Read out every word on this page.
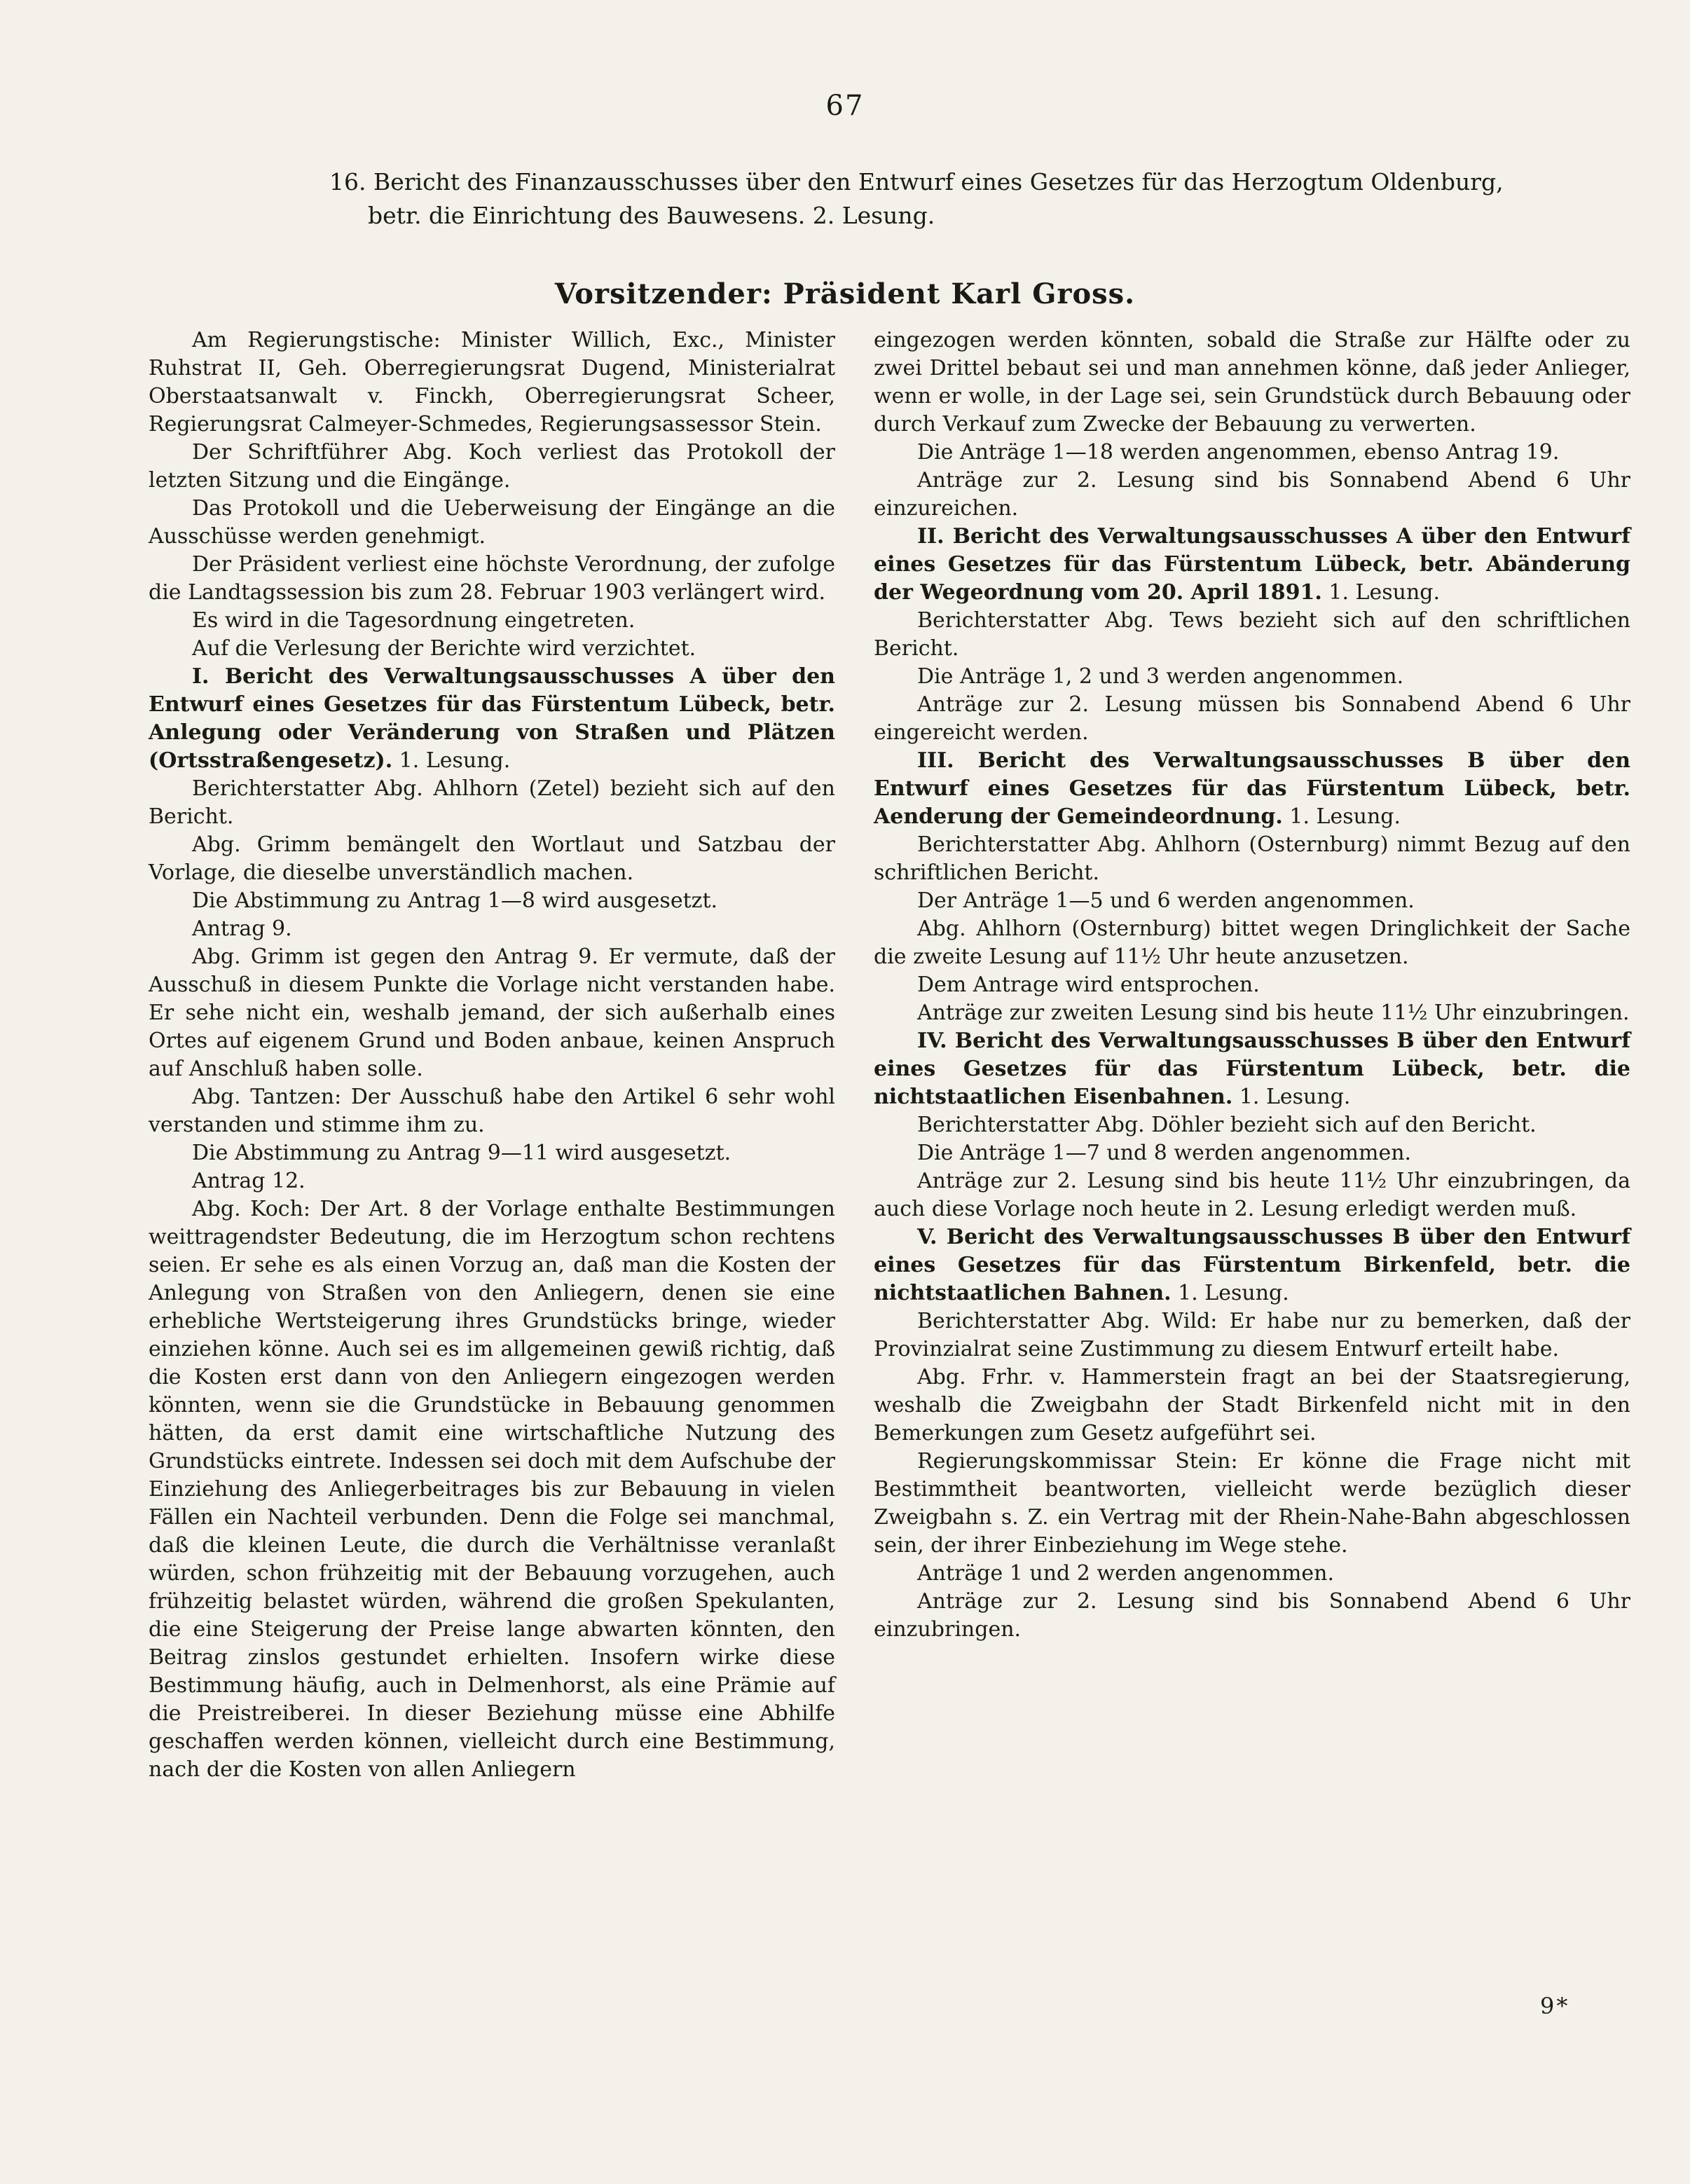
67
16. Bericht des Finanzausschusses über den Entwurf eines Gesetzes für das Herzogtum Oldenburg,
betr. die Einrichtung des Bauwesens. 2. Lesung.
Vorsitzender: Präsident Karl Gross.

Am Regierungstische: Minister Willich, Exc., Minister Ruhstrat II, Geh. Oberregierungsrat Dugend, Ministerialrat Oberstaatsanwalt v. Finckh, Oberregierungsrat Scheer, Regierungsrat Calmeyer-Schmedes, Regierungsassessor Stein.

Der Schriftführer Abg. Koch verliest das Protokoll der letzten Sitzung und die Eingänge.

Das Protokoll und die Ueberweisung der Eingänge an die Ausschüsse werden genehmigt.

Der Präsident verliest eine höchste Verordnung, der zufolge die Landtagssession bis zum 28. Februar 1903 verlängert wird.

Es wird in die Tagesordnung eingetreten.

Auf die Verlesung der Berichte wird verzichtet.

I. Bericht des Verwaltungsausschusses A über den Entwurf eines Gesetzes für das Fürstentum Lübeck, betr. Anlegung oder Veränderung von Straßen und Plätzen (Ortsstraßengesetz). 1. Lesung.

Berichterstatter Abg. Ahlhorn (Zetel) bezieht sich auf den Bericht.

Abg. Grimm bemängelt den Wortlaut und Satzbau der Vorlage, die dieselbe unverständlich machen.

Die Abstimmung zu Antrag 1—8 wird ausgesetzt.

Antrag 9.

Abg. Grimm ist gegen den Antrag 9. Er vermute, daß der Ausschuß in diesem Punkte die Vorlage nicht verstanden habe. Er sehe nicht ein, weshalb jemand, der sich außerhalb eines Ortes auf eigenem Grund und Boden anbaue, keinen Anspruch auf Anschluß haben solle.

Abg. Tantzen: Der Ausschuß habe den Artikel 6 sehr wohl verstanden und stimme ihm zu.

Die Abstimmung zu Antrag 9—11 wird ausgesetzt.

Antrag 12.

Abg. Koch: Der Art. 8 der Vorlage enthalte Bestimmungen weittragendster Bedeutung, die im Herzogtum schon rechtens seien. Er sehe es als einen Vorzug an, daß man die Kosten der Anlegung von Straßen von den Anliegern, denen sie eine erhebliche Wertsteigerung ihres Grundstücks bringe, wieder einziehen könne. Auch sei es im allgemeinen gewiß richtig, daß die Kosten erst dann von den Anliegern eingezogen werden könnten, wenn sie die Grundstücke in Bebauung genommen hätten, da erst damit eine wirtschaftliche Nutzung des Grundstücks eintrete. Indessen sei doch mit dem Aufschube der Einziehung des Anliegerbeitrages bis zur Bebauung in vielen Fällen ein Nachteil verbunden. Denn die Folge sei manchmal, daß die kleinen Leute, die durch die Verhältnisse veranlaßt würden, schon frühzeitig mit der Bebauung vorzugehen, auch frühzeitig belastet würden, während die großen Spekulanten, die eine Steigerung der Preise lange abwarten könnten, den Beitrag zinslos gestundet erhielten. Insofern wirke diese Bestimmung häufig, auch in Delmenhorst, als eine Prämie auf die Preistreiberei. In dieser Beziehung müsse eine Abhilfe geschaffen werden können, vielleicht durch eine Bestimmung, nach der die Kosten von allen Anliegern

eingezogen werden könnten, sobald die Straße zur Hälfte oder zu zwei Drittel bebaut sei und man annehmen könne, daß jeder Anlieger, wenn er wolle, in der Lage sei, sein Grundstück durch Bebauung oder durch Verkauf zum Zwecke der Bebauung zu verwerten.

Die Anträge 1—18 werden angenommen, ebenso Antrag 19.

Anträge zur 2. Lesung sind bis Sonnabend Abend 6 Uhr einzureichen.

II. Bericht des Verwaltungsausschusses A über den Entwurf eines Gesetzes für das Fürstentum Lübeck, betr. Abänderung der Wegeordnung vom 20. April 1891. 1. Lesung.

Berichterstatter Abg. Tews bezieht sich auf den schriftlichen Bericht.

Die Anträge 1, 2 und 3 werden angenommen.

Anträge zur 2. Lesung müssen bis Sonnabend Abend 6 Uhr eingereicht werden.

III. Bericht des Verwaltungsausschusses B über den Entwurf eines Gesetzes für das Fürstentum Lübeck, betr. Aenderung der Gemeindeordnung. 1. Lesung.

Berichterstatter Abg. Ahlhorn (Osternburg) nimmt Bezug auf den schriftlichen Bericht.

Der Anträge 1—5 und 6 werden angenommen.

Abg. Ahlhorn (Osternburg) bittet wegen Dringlichkeit der Sache die zweite Lesung auf 11½ Uhr heute anzusetzen.

Dem Antrage wird entsprochen.

Anträge zur zweiten Lesung sind bis heute 11½ Uhr einzubringen.

IV. Bericht des Verwaltungsausschusses B über den Entwurf eines Gesetzes für das Fürstentum Lübeck, betr. die nichtstaatlichen Eisenbahnen. 1. Lesung.

Berichterstatter Abg. Döhler bezieht sich auf den Bericht.

Die Anträge 1—7 und 8 werden angenommen.

Anträge zur 2. Lesung sind bis heute 11½ Uhr einzubringen, da auch diese Vorlage noch heute in 2. Lesung erledigt werden muß.

V. Bericht des Verwaltungsausschusses B über den Entwurf eines Gesetzes für das Fürstentum Birkenfeld, betr. die nichtstaatlichen Bahnen. 1. Lesung.

Berichterstatter Abg. Wild: Er habe nur zu bemerken, daß der Provinzialrat seine Zustimmung zu diesem Entwurf erteilt habe.

Abg. Frhr. v. Hammerstein fragt an bei der Staatsregierung, weshalb die Zweigbahn der Stadt Birkenfeld nicht mit in den Bemerkungen zum Gesetz aufgeführt sei.

Regierungskommissar Stein: Er könne die Frage nicht mit Bestimmtheit beantworten, vielleicht werde bezüglich dieser Zweigbahn s. Z. ein Vertrag mit der Rhein-Nahe-Bahn abgeschlossen sein, der ihrer Einbeziehung im Wege stehe.

Anträge 1 und 2 werden angenommen.

Anträge zur 2. Lesung sind bis Sonnabend Abend 6 Uhr einzubringen.

9*
